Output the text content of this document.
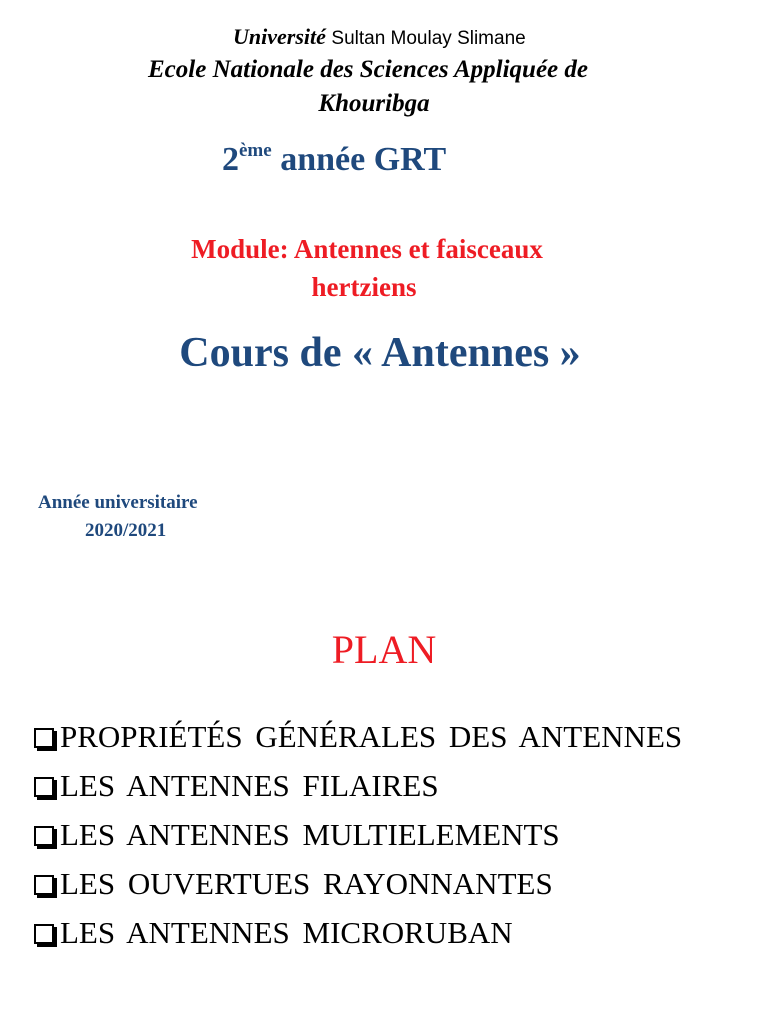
Université Sultan Moulay Slimane
Ecole Nationale des Sciences Appliquée de
Khouribga
2ème année GRT
Module: Antennes et faisceaux
hertziens
Cours de « Antennes »
Année universitaire
2020/2021
PLAN
PROPRIÉTÉS GÉNÉRALES DES ANTENNES
LES ANTENNES FILAIRES
LES ANTENNES MULTIELEMENTS
LES OUVERTUES RAYONNANTES
LES ANTENNES MICRORUBAN
